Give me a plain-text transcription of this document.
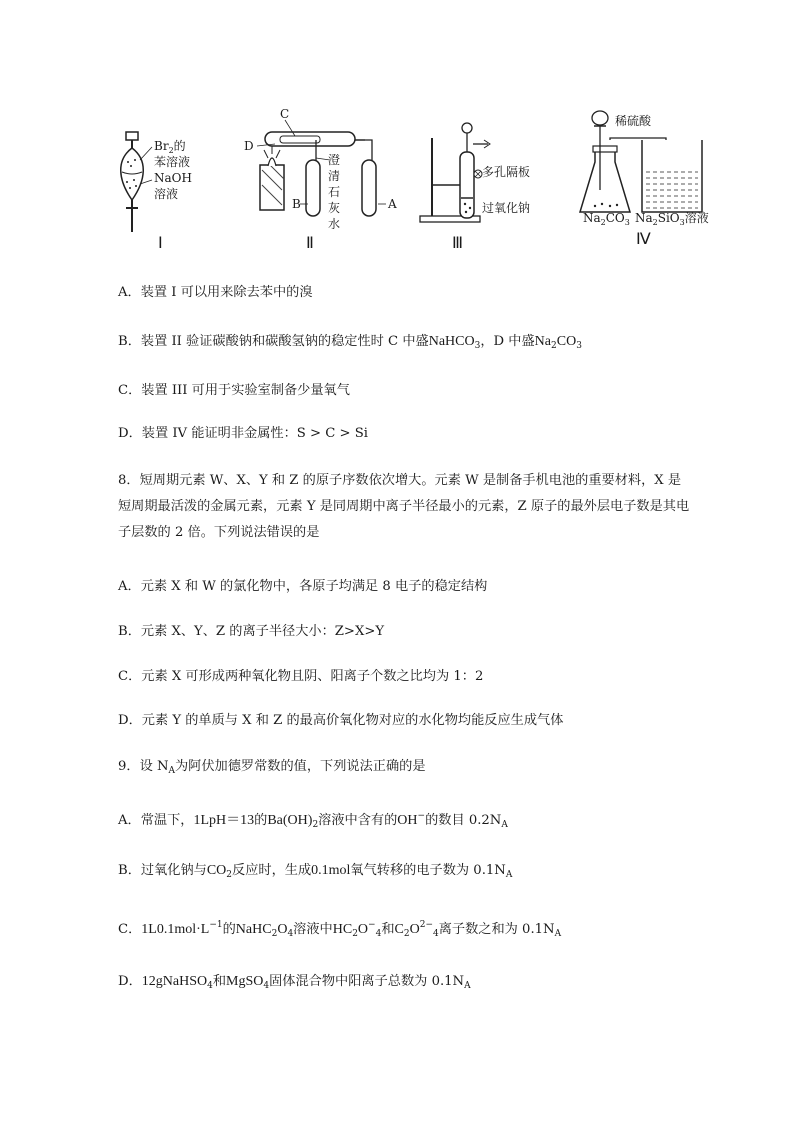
$Br_2$的
苯溶液
NaOH
溶液
Ⅰ
C
D
B	A
澄
清
石
灰
水
Ⅱ
多孔隔板
过氧化钠
Ⅲ
稀硫酸
$Na_2CO_3$ $Na_2SiO_3$溶液
Ⅳ
A．装置 I 可以用来除去苯中的溴
B．装置 II 验证碳酸钠和碳酸氢钠的稳定性时 C 中盛NaHCO$_3$，D 中盛$Na_2CO_3$
C．装置 III 可用于实验室制备少量氧气
D．装置 IV 能证明非金属性：S > C > Si
8．短周期元素 W、X、Y 和 Z 的原子序数依次增大。元素 W 是制备手机电池的重要材料，X 是短周期最活泼的金属元素，元素 Y 是同周期中离子半径最小的元素，Z 原子的最外层电子数是其电子层数的 2 倍。下列说法错误的是
A．元素 X 和 W 的氯化物中，各原子均满足 8 电子的稳定结构
B．元素 X、Y、Z 的离子半径大小：Z>X>Y
C．元素 X 可形成两种氧化物且阴、阳离子个数之比均为 1：2
D．元素 Y 的单质与 X 和 Z 的最高价氧化物对应的水化物均能反应生成气体
9．设 $N_A$为阿伏加德罗常数的值，下列说法正确的是
A．常温下，1LpH＝13的$Ba(OH)_2$溶液中含有的OH−的数目 $0.2N_A$
B．过氧化钠与$CO_2$反应时，生成0.1mol氧气转移的电子数为 $0.1N_A$
C．$1L0.1mol\cdot L^{-1}$的$NaHC_2O_4$溶液中$HC_2O^-_4$和$C_2O^{2-}_4$离子数之和为 $0.1N_A$
D．12gNaHSO$_4$和MgSO$_4$固体混合物中阳离子总数为 $0.1N_A$
